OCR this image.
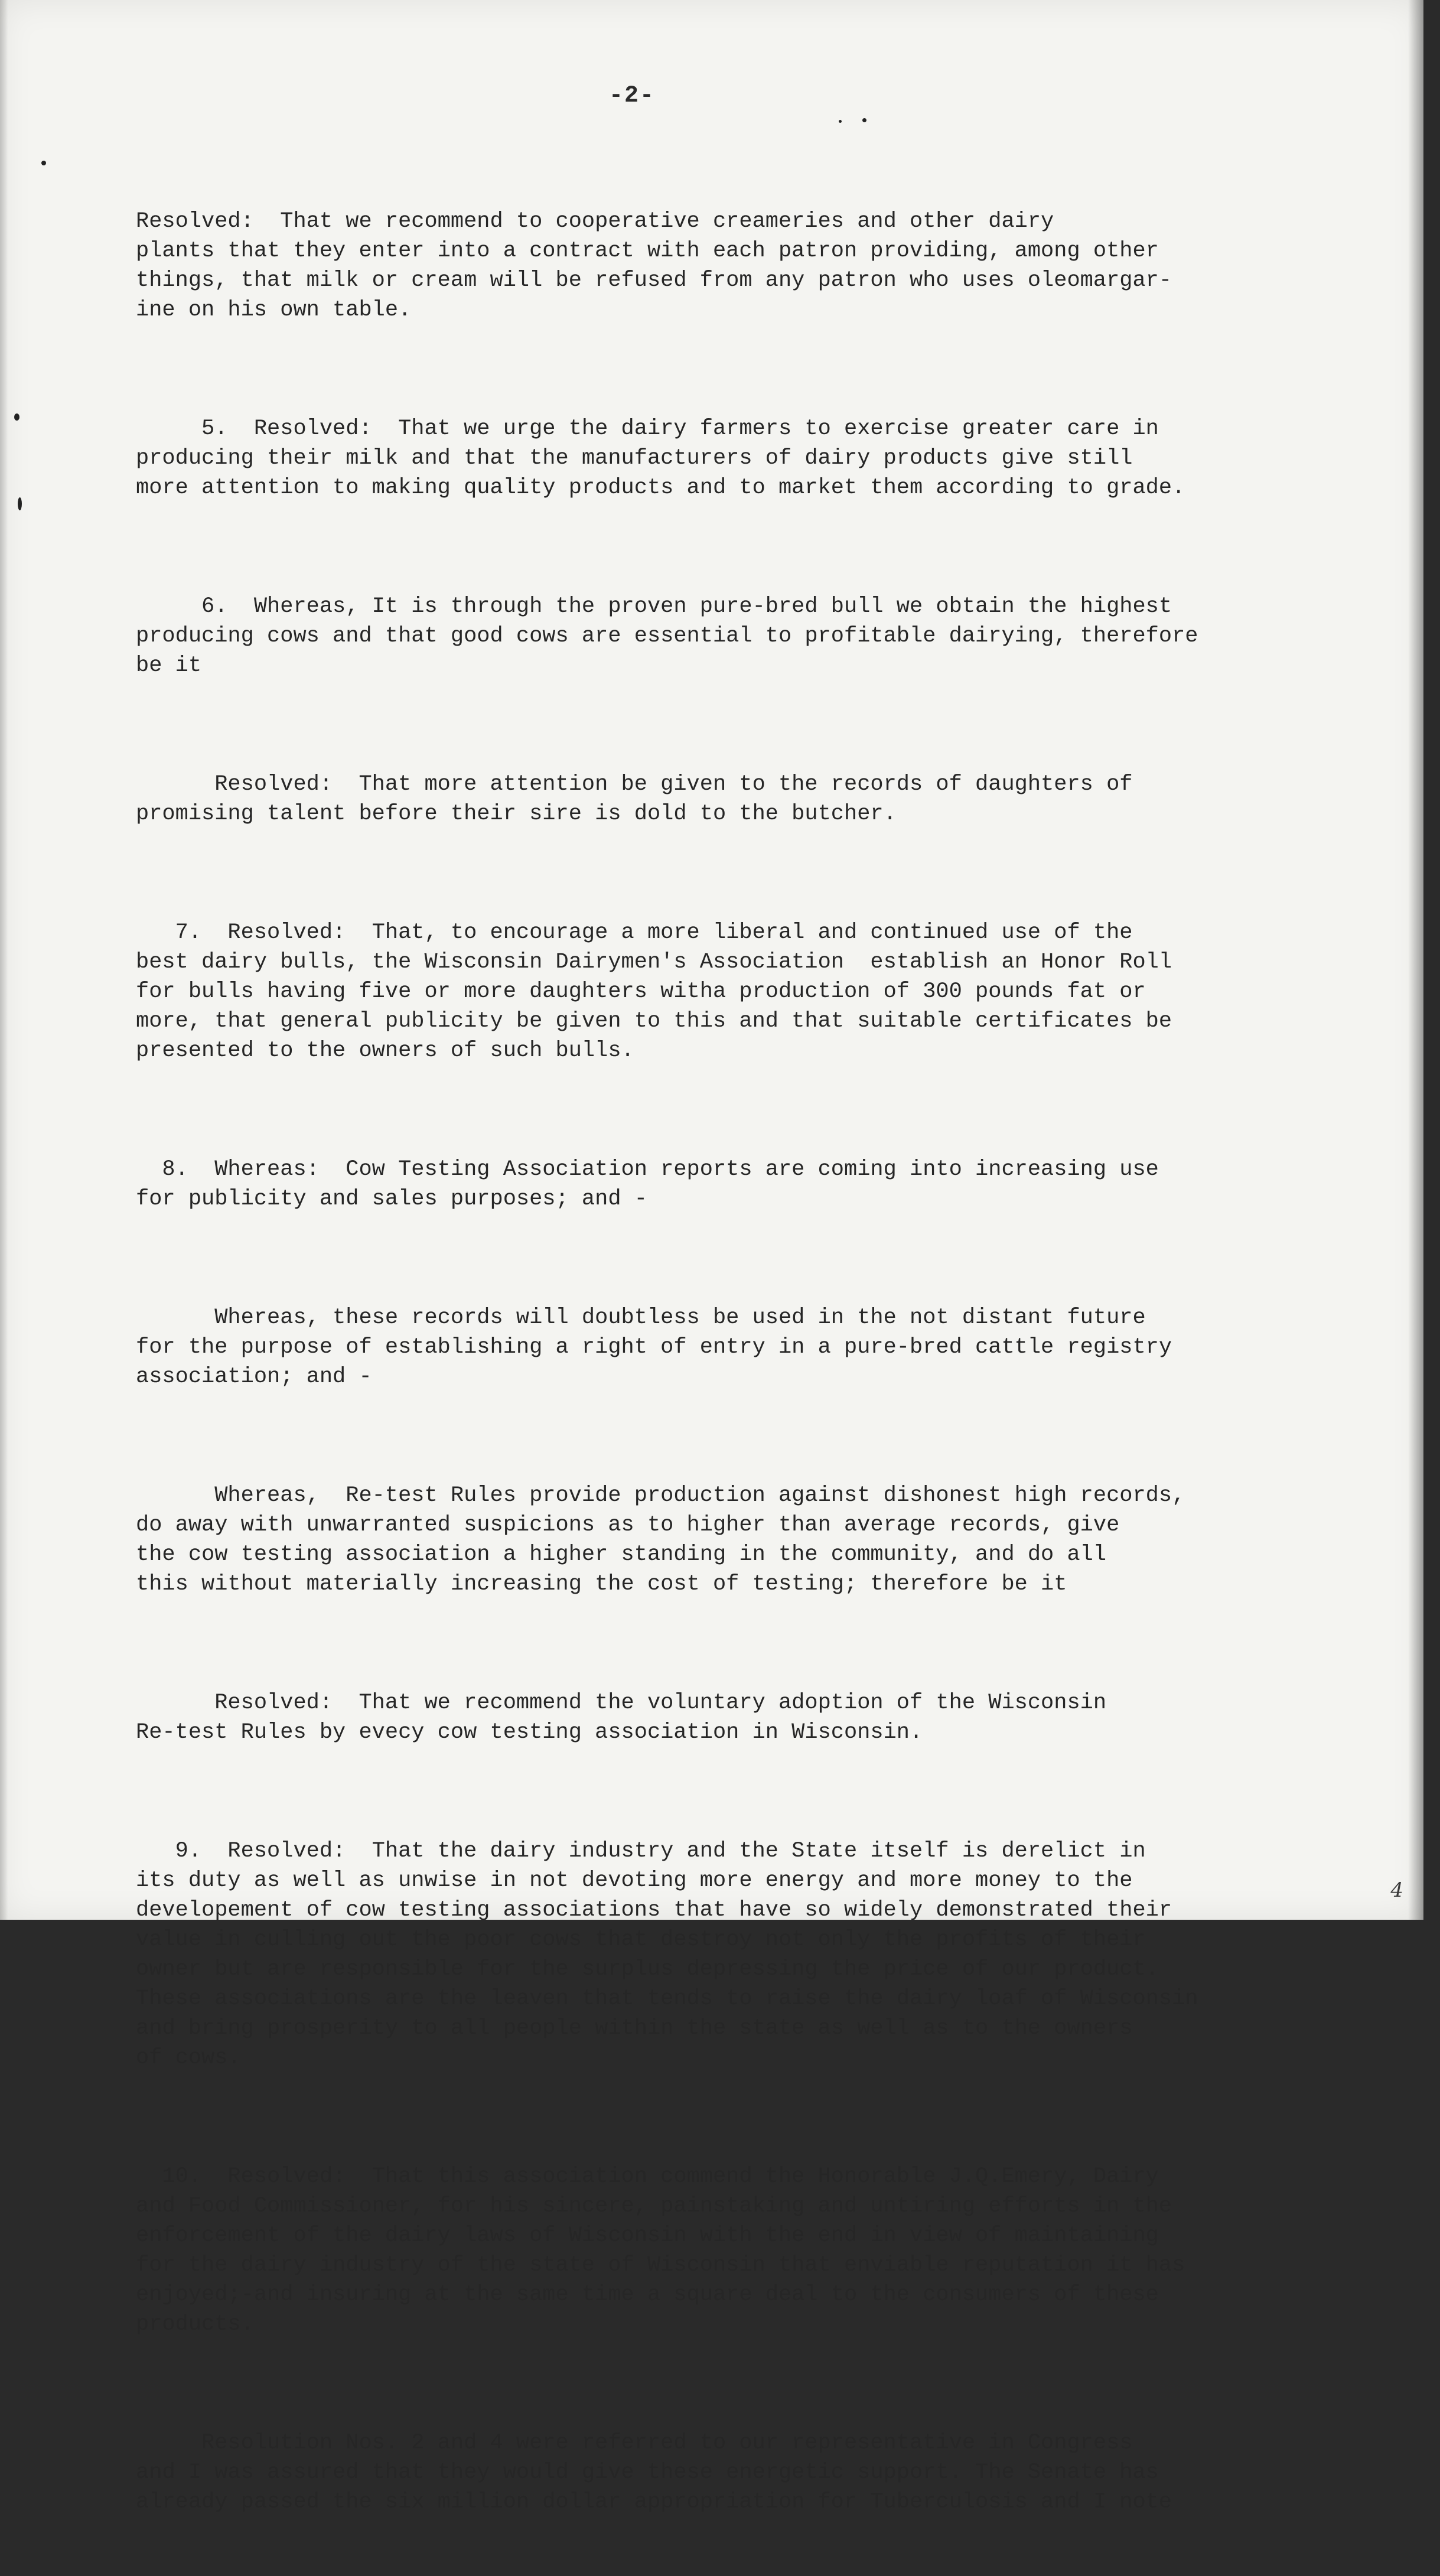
-2-

Resolved:  That we recommend to cooperative creameries and other dairy
plants that they enter into a contract with each patron providing, among other
things, that milk or cream will be refused from any patron who uses oleomargar-
ine on his own table.

5.  Resolved:  That we urge the dairy farmers to exercise greater care in
producing their milk and that the manufacturers of dairy products give still
more attention to making quality products and to market them according to grade.

6.  Whereas, It is through the proven pure-bred bull we obtain the highest
producing cows and that good cows are essential to profitable dairying, therefore
be it

Resolved:  That more attention be given to the records of daughters of
promising talent before their sire is dold to the butcher.

7.  Resolved:  That, to encourage a more liberal and continued use of the
best dairy bulls, the Wisconsin Dairymen's Association  establish an Honor Roll
for bulls having five or more daughters witha production of 300 pounds fat or
more, that general publicity be given to this and that suitable certificates be
presented to the owners of such bulls.

8.  Whereas:  Cow Testing Association reports are coming into increasing use
for publicity and sales purposes; and -

Whereas, these records will doubtless be used in the not distant future
for the purpose of establishing a right of entry in a pure-bred cattle registry
association; and -

Whereas,  Re-test Rules provide production against dishonest high records,
do away with unwarranted suspicions as to higher than average records, give
the cow testing association a higher standing in the community, and do all
this without materially increasing the cost of testing; therefore be it

Resolved:  That we recommend the voluntary adoption of the Wisconsin
Re-test Rules by evecy cow testing association in Wisconsin.

9.  Resolved:  That the dairy industry and the State itself is derelict in
its duty as well as unwise in not devoting more energy and more money to the
developement of cow testing associations that have so widely demonstrated their
value in culling out the poor cows that destroy not only the profits of their
owner but are responsible for the surplus depressing the price of our product.
These associations are the leaven that tends to raise the dairy loaf of Wisconsin
and bring prosperity to all people within the state as well as to the owners
of cows.

10.  Resolved:  That this association commend the Honorable J.Q.Emery, Dairy
and Food Commissioner, for his sincere, painstaking and untiring efforts in the
enforcement of the dairy laws of Wisconsin with the end in view of maintaining
for the dairy industry of the state of Wisconsin that enviable reputation it has
enjoyed;-and insuring at the same time a square deal to the consumers of these
products.

Resolution Nos. 2 and 4 were referred to our representative in Congress
and I was assured that they would give these energetic support. The Senate has
already passed the six million dollar appropriation for Tuberculosis and I note

4
